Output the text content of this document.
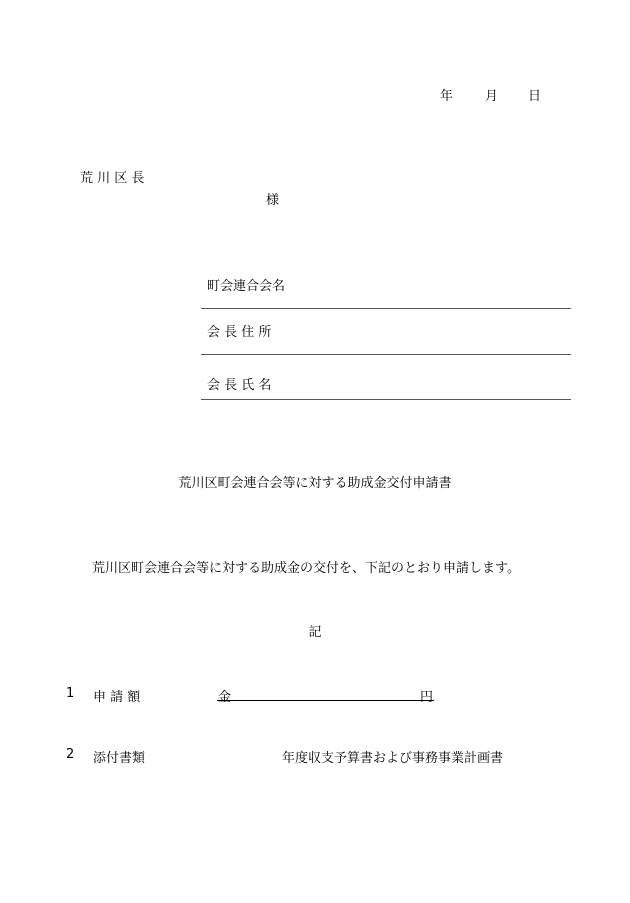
年 月 日
荒 川 区 長
様
町会連合会名
会 長 住 所
会 長 氏 名
荒川区町会連合会等に対する助成金交付申請書
荒川区町会連合会等に対する助成金の交付を、下記のとおり申請します。
記
1 申 請 額	金	円
2 添付書類	年度収支予算書および事務事業計画書
